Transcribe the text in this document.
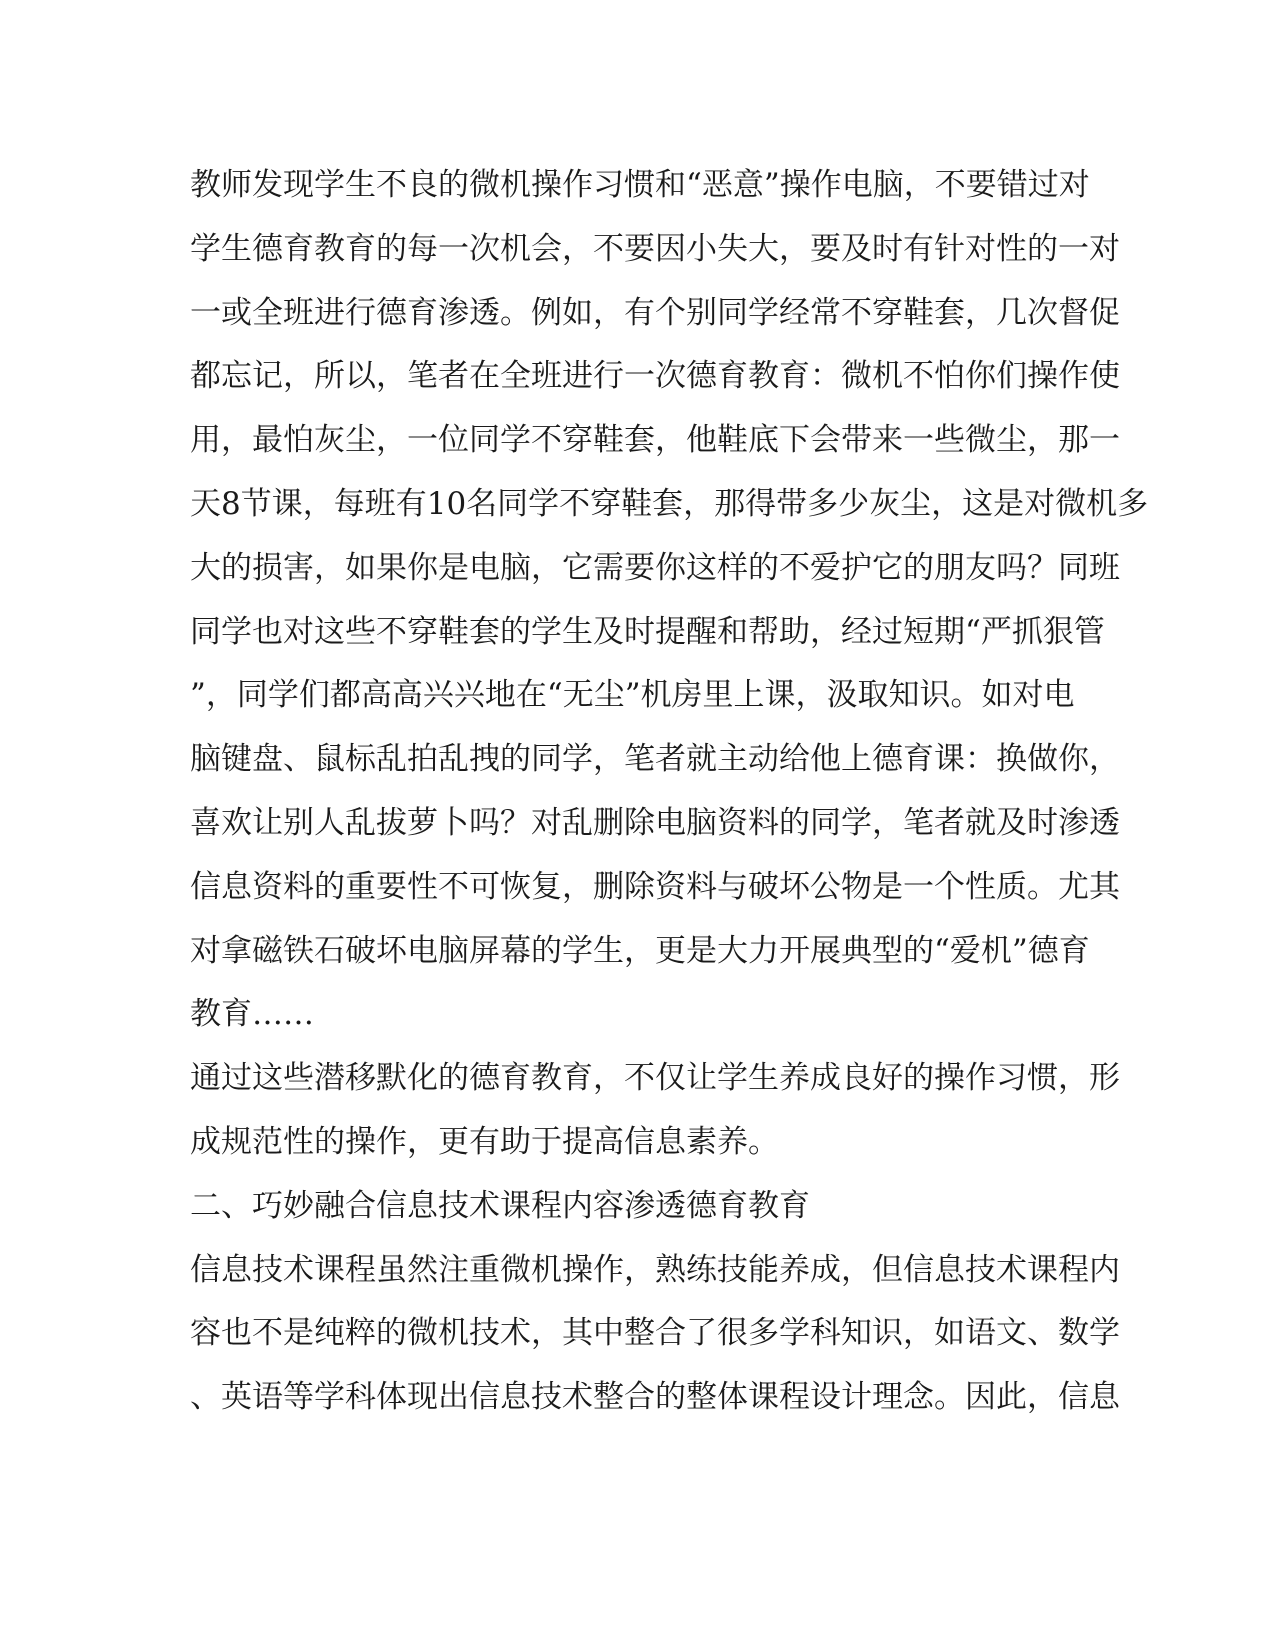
教师发现学生不良的微机操作习惯和“恶意”操作电脑，不要错过对
学生德育教育的每一次机会，不要因小失大，要及时有针对性的一对
一或全班进行德育渗透。例如，有个别同学经常不穿鞋套，几次督促
都忘记，所以，笔者在全班进行一次德育教育：微机不怕你们操作使
用，最怕灰尘，一位同学不穿鞋套，他鞋底下会带来一些微尘，那一
天8节课，每班有10名同学不穿鞋套，那得带多少灰尘，这是对微机多
大的损害，如果你是电脑，它需要你这样的不爱护它的朋友吗？同班
同学也对这些不穿鞋套的学生及时提醒和帮助，经过短期“严抓狠管
”，同学们都高高兴兴地在“无尘”机房里上课，汲取知识。如对电
脑键盘、鼠标乱拍乱拽的同学，笔者就主动给他上德育课：换做你，
喜欢让别人乱拔萝卜吗？对乱删除电脑资料的同学，笔者就及时渗透
信息资料的重要性不可恢复，删除资料与破坏公物是一个性质。尤其
对拿磁铁石破坏电脑屏幕的学生，更是大力开展典型的“爱机”德育
教育……
通过这些潜移默化的德育教育，不仅让学生养成良好的操作习惯，形
成规范性的操作，更有助于提高信息素养。
二、巧妙融合信息技术课程内容渗透德育教育
信息技术课程虽然注重微机操作，熟练技能养成，但信息技术课程内
容也不是纯粹的微机技术，其中整合了很多学科知识，如语文、数学
、英语等学科体现出信息技术整合的整体课程设计理念。因此，信息
